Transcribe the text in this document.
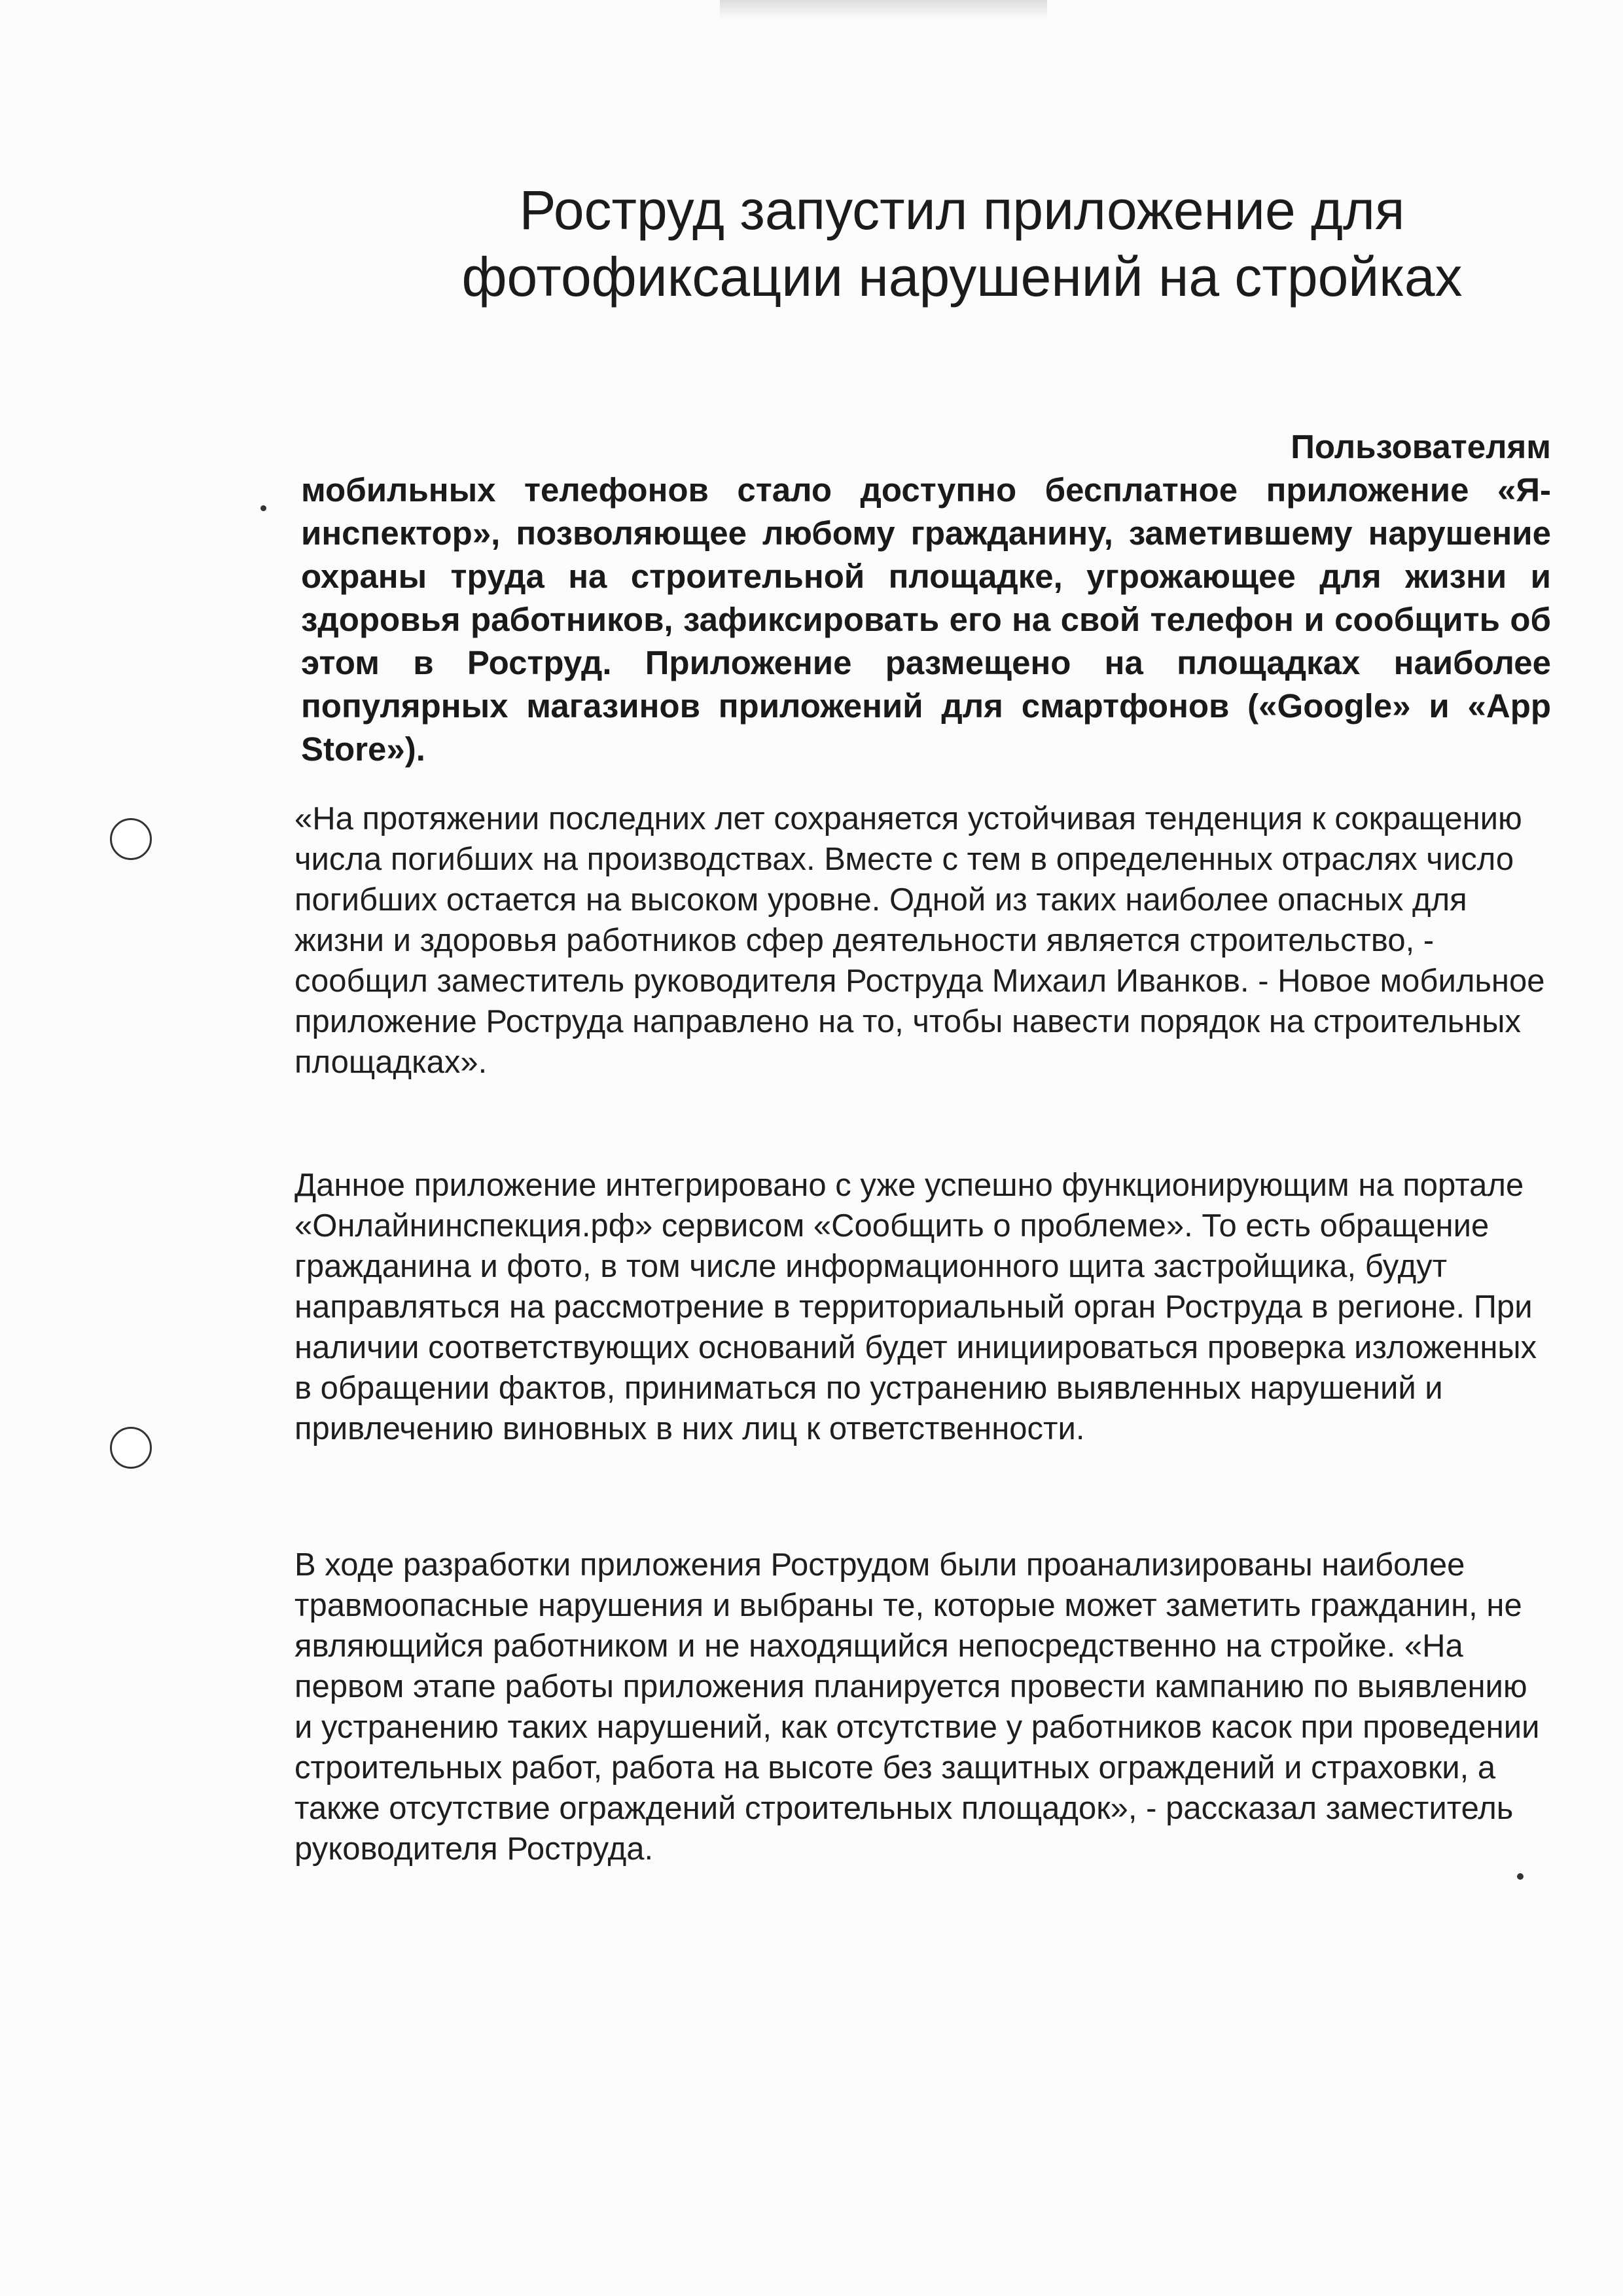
Роструд запустил приложение для фотофиксации нарушений на стройках

Пользователям
мобильных телефонов стало доступно бесплатное приложение «Я-инспектор», позволяющее любому гражданину, заметившему нарушение охраны труда на строительной площадке, угрожающее для жизни и здоровья работников, зафиксировать его на свой телефон и сообщить об этом в Роструд. Приложение размещено на площадках наиболее популярных магазинов приложений для смартфонов («Google» и «App Store»).

«На протяжении последних лет сохраняется устойчивая тенденция к сокращению числа погибших на производствах. Вместе с тем в определенных отраслях число погибших остается на высоком уровне. Одной из таких наиболее опасных для жизни и здоровья работников сфер деятельности является строительство, - сообщил заместитель руководителя Роструда Михаил Иванков. - Новое мобильное приложение Роструда направлено на то, чтобы навести порядок на строительных площадках».

Данное приложение интегрировано с уже успешно функционирующим на портале «Онлайнинспекция.рф» сервисом «Сообщить о проблеме». То есть обращение гражданина и фото, в том числе информационного щита застройщика, будут направляться на рассмотрение в территориальный орган Роструда в регионе. При наличии соответствующих оснований будет инициироваться проверка изложенных в обращении фактов, приниматься по устранению выявленных нарушений и привлечению виновных в них лиц к ответственности.

В ходе разработки приложения Рострудом были проанализированы наиболее травмоопасные нарушения и выбраны те, которые может заметить гражданин, не являющийся работником и не находящийся непосредственно на стройке. «На первом этапе работы приложения планируется провести кампанию по выявлению и устранению таких нарушений, как отсутствие у работников касок при проведении строительных работ, работа на высоте без защитных ограждений и страховки, а также отсутствие ограждений строительных площадок», - рассказал заместитель руководителя Роструда.
